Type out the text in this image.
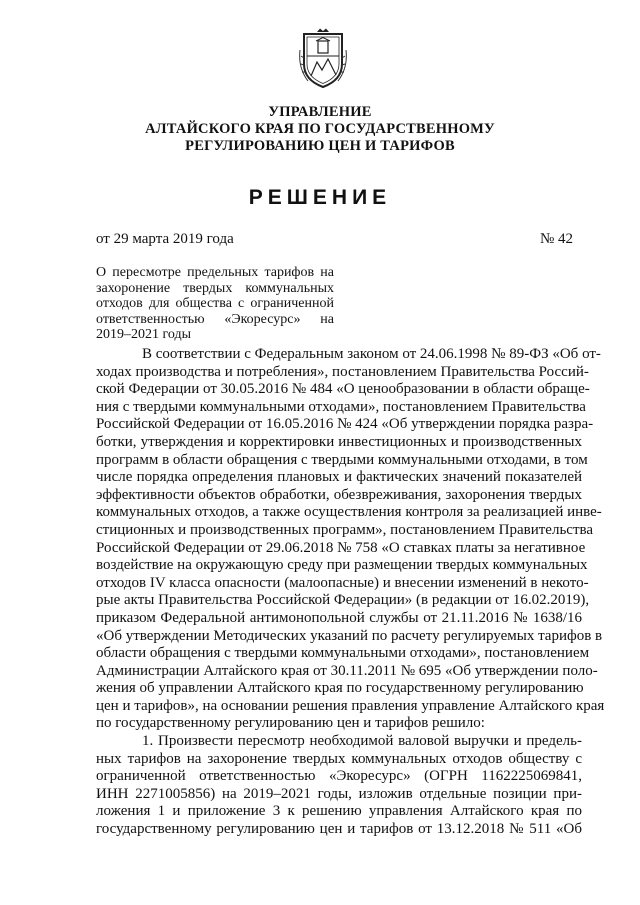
УПРАВЛЕНИЕ
АЛТАЙСКОГО КРАЯ ПО ГОСУДАРСТВЕННОМУ
РЕГУЛИРОВАНИЮ ЦЕН И ТАРИФОВ
РЕШЕНИЕ
от 29 марта 2019 года	№ 42
О пересмотре предельных тарифов на
захоронение твердых коммунальных
отходов для общества с ограниченной
ответственностью «Экоресурс» на
2019–2021 годы
В соответствии с Федеральным законом от 24.06.1998 № 89-ФЗ «Об от-
ходах производства и потребления», постановлением Правительства Россий-
ской Федерации от 30.05.2016 № 484 «О ценообразовании в области обраще-
ния с твердыми коммунальными отходами», постановлением Правительства
Российской Федерации от 16.05.2016 № 424 «Об утверждении порядка разра-
ботки, утверждения и корректировки инвестиционных и производственных
программ в области обращения с твердыми коммунальными отходами, в том
числе порядка определения плановых и фактических значений показателей
эффективности объектов обработки, обезвреживания, захоронения твердых
коммунальных отходов, а также осуществления контроля за реализацией инве-
стиционных и производственных программ», постановлением Правительства
Российской Федерации от 29.06.2018 № 758 «О ставках платы за негативное
воздействие на окружающую среду при размещении твердых коммунальных
отходов IV класса опасности (малоопасные) и внесении изменений в некото-
рые акты Правительства Российской Федерации» (в редакции от 16.02.2019),
приказом Федеральной антимонопольной службы от 21.11.2016 № 1638/16
«Об утверждении Методических указаний по расчету регулируемых тарифов в
области обращения с твердыми коммунальными отходами», постановлением
Администрации Алтайского края от 30.11.2011 № 695 «Об утверждении поло-
жения об управлении Алтайского края по государственному регулированию
цен и тарифов», на основании решения правления управление Алтайского края
по государственному регулированию цен и тарифов решило:
1. Произвести пересмотр необходимой валовой выручки и предель-
ных тарифов на захоронение твердых коммунальных отходов обществу с
ограниченной ответственностью «Экоресурс» (ОГРН 1162225069841,
ИНН 2271005856) на 2019–2021 годы, изложив отдельные позиции при-
ложения 1 и приложение 3 к решению управления Алтайского края по
государственному регулированию цен и тарифов от 13.12.2018 № 511 «Об
